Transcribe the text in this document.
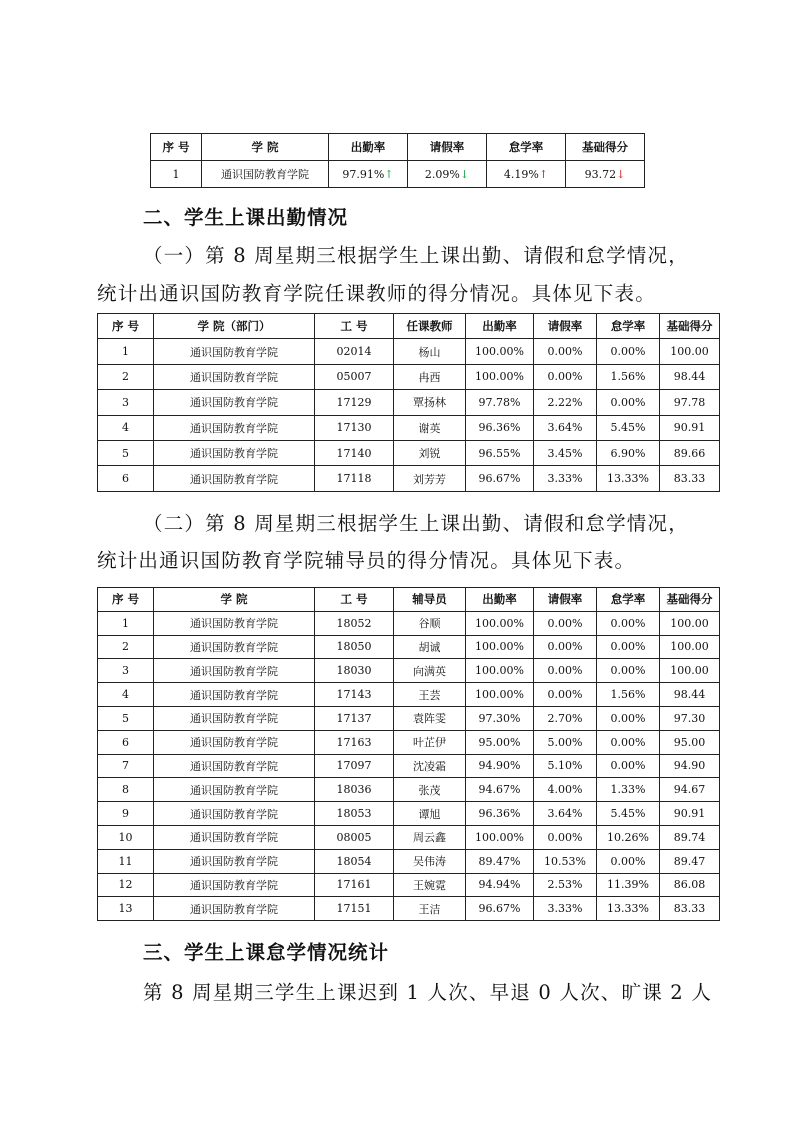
序 号	学 院	出勤率	请假率	怠学率	基础得分
1	通识国防教育学院	97.91%↑	2.09%↓	4.19%↑	93.72↓
二、学生上课出勤情况
（一）第 8 周星期三根据学生上课出勤、请假和怠学情况，
统计出通识国防教育学院任课教师的得分情况。具体见下表。
序 号	学 院（部门）	工 号	任课教师	出勤率	请假率	怠学率	基础得分
1	通识国防教育学院	02014	杨山	100.00%	0.00%	0.00%	100.00
2	通识国防教育学院	05007	冉西	100.00%	0.00%	1.56%	98.44
3	通识国防教育学院	17129	覃扬林	97.78%	2.22%	0.00%	97.78
4	通识国防教育学院	17130	谢英	96.36%	3.64%	5.45%	90.91
5	通识国防教育学院	17140	刘锐	96.55%	3.45%	6.90%	89.66
6	通识国防教育学院	17118	刘芳芳	96.67%	3.33%	13.33%	83.33
（二）第 8 周星期三根据学生上课出勤、请假和怠学情况，
统计出通识国防教育学院辅导员的得分情况。具体见下表。
序 号	学 院	工 号	辅导员	出勤率	请假率	怠学率	基础得分
1	通识国防教育学院	18052	谷顺	100.00%	0.00%	0.00%	100.00
2	通识国防教育学院	18050	胡诚	100.00%	0.00%	0.00%	100.00
3	通识国防教育学院	18030	向满英	100.00%	0.00%	0.00%	100.00
4	通识国防教育学院	17143	王芸	100.00%	0.00%	1.56%	98.44
5	通识国防教育学院	17137	袁阵雯	97.30%	2.70%	0.00%	97.30
6	通识国防教育学院	17163	叶芷伊	95.00%	5.00%	0.00%	95.00
7	通识国防教育学院	17097	沈凌霜	94.90%	5.10%	0.00%	94.90
8	通识国防教育学院	18036	张茂	94.67%	4.00%	1.33%	94.67
9	通识国防教育学院	18053	谭旭	96.36%	3.64%	5.45%	90.91
10	通识国防教育学院	08005	周云鑫	100.00%	0.00%	10.26%	89.74
11	通识国防教育学院	18054	吴伟涛	89.47%	10.53%	0.00%	89.47
12	通识国防教育学院	17161	王婉霓	94.94%	2.53%	11.39%	86.08
13	通识国防教育学院	17151	王洁	96.67%	3.33%	13.33%	83.33
三、学生上课怠学情况统计
第 8 周星期三学生上课迟到 1 人次、早退 0 人次、旷课 2 人
